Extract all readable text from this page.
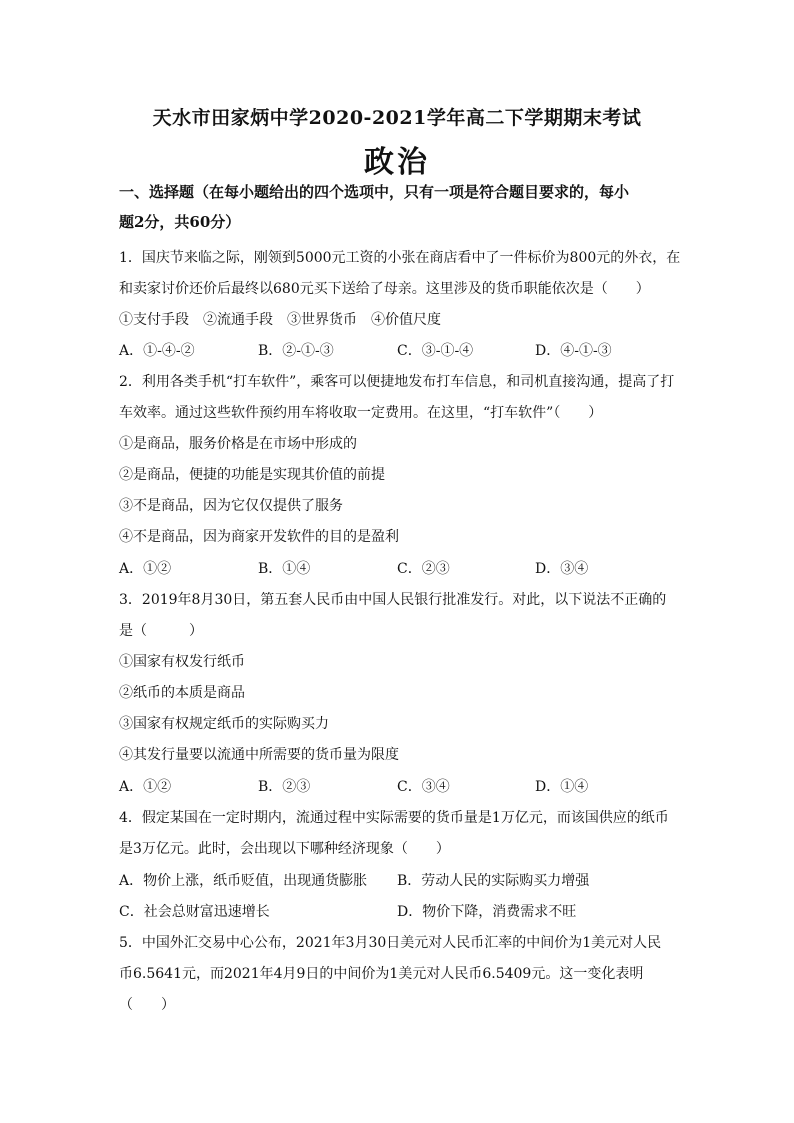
天水市田家炳中学2020-2021学年高二下学期期末考试
政治
一、选择题（在每小题给出的四个选项中，只有一项是符合题目要求的，每小
题2分，共60分）
1．国庆节来临之际，刚领到5000元工资的小张在商店看中了一件标价为800元的外衣，在
和卖家讨价还价后最终以680元买下送给了母亲。这里涉及的货币职能依次是（　　）
①支付手段　②流通手段　③世界货币　④价值尺度
A．①-④-②	B．②-①-③	C．③-①-④	D．④-①-③
2．利用各类手机“打车软件”，乘客可以便捷地发布打车信息，和司机直接沟通，提高了打
车效率。通过这些软件预约用车将收取一定费用。在这里，“打车软件”（　　）
①是商品，服务价格是在市场中形成的
②是商品，便捷的功能是实现其价值的前提
③不是商品，因为它仅仅提供了服务
④不是商品，因为商家开发软件的目的是盈利
A．①②	B．①④	C．②③	D．③④
3．2019年8月30日，第五套人民币由中国人民银行批准发行。对此，以下说法不正确的
是（　　　）
①国家有权发行纸币
②纸币的本质是商品
③国家有权规定纸币的实际购买力
④其发行量要以流通中所需要的货币量为限度
A．①②	B．②③	C．③④	D．①④
4．假定某国在一定时期内，流通过程中实际需要的货币量是1万亿元，而该国供应的纸币
是3万亿元。此时，会出现以下哪种经济现象（　　）
A．物价上涨，纸币贬值，出现通货膨胀 B．劳动人民的实际购买力增强
C．社会总财富迅速增长	D．物价下降，消费需求不旺
5．中国外汇交易中心公布，2021年3月30日美元对人民币汇率的中间价为1美元对人民
币6.5641元，而2021年4月9日的中间价为1美元对人民币6.5409元。这一变化表明
（　　）
